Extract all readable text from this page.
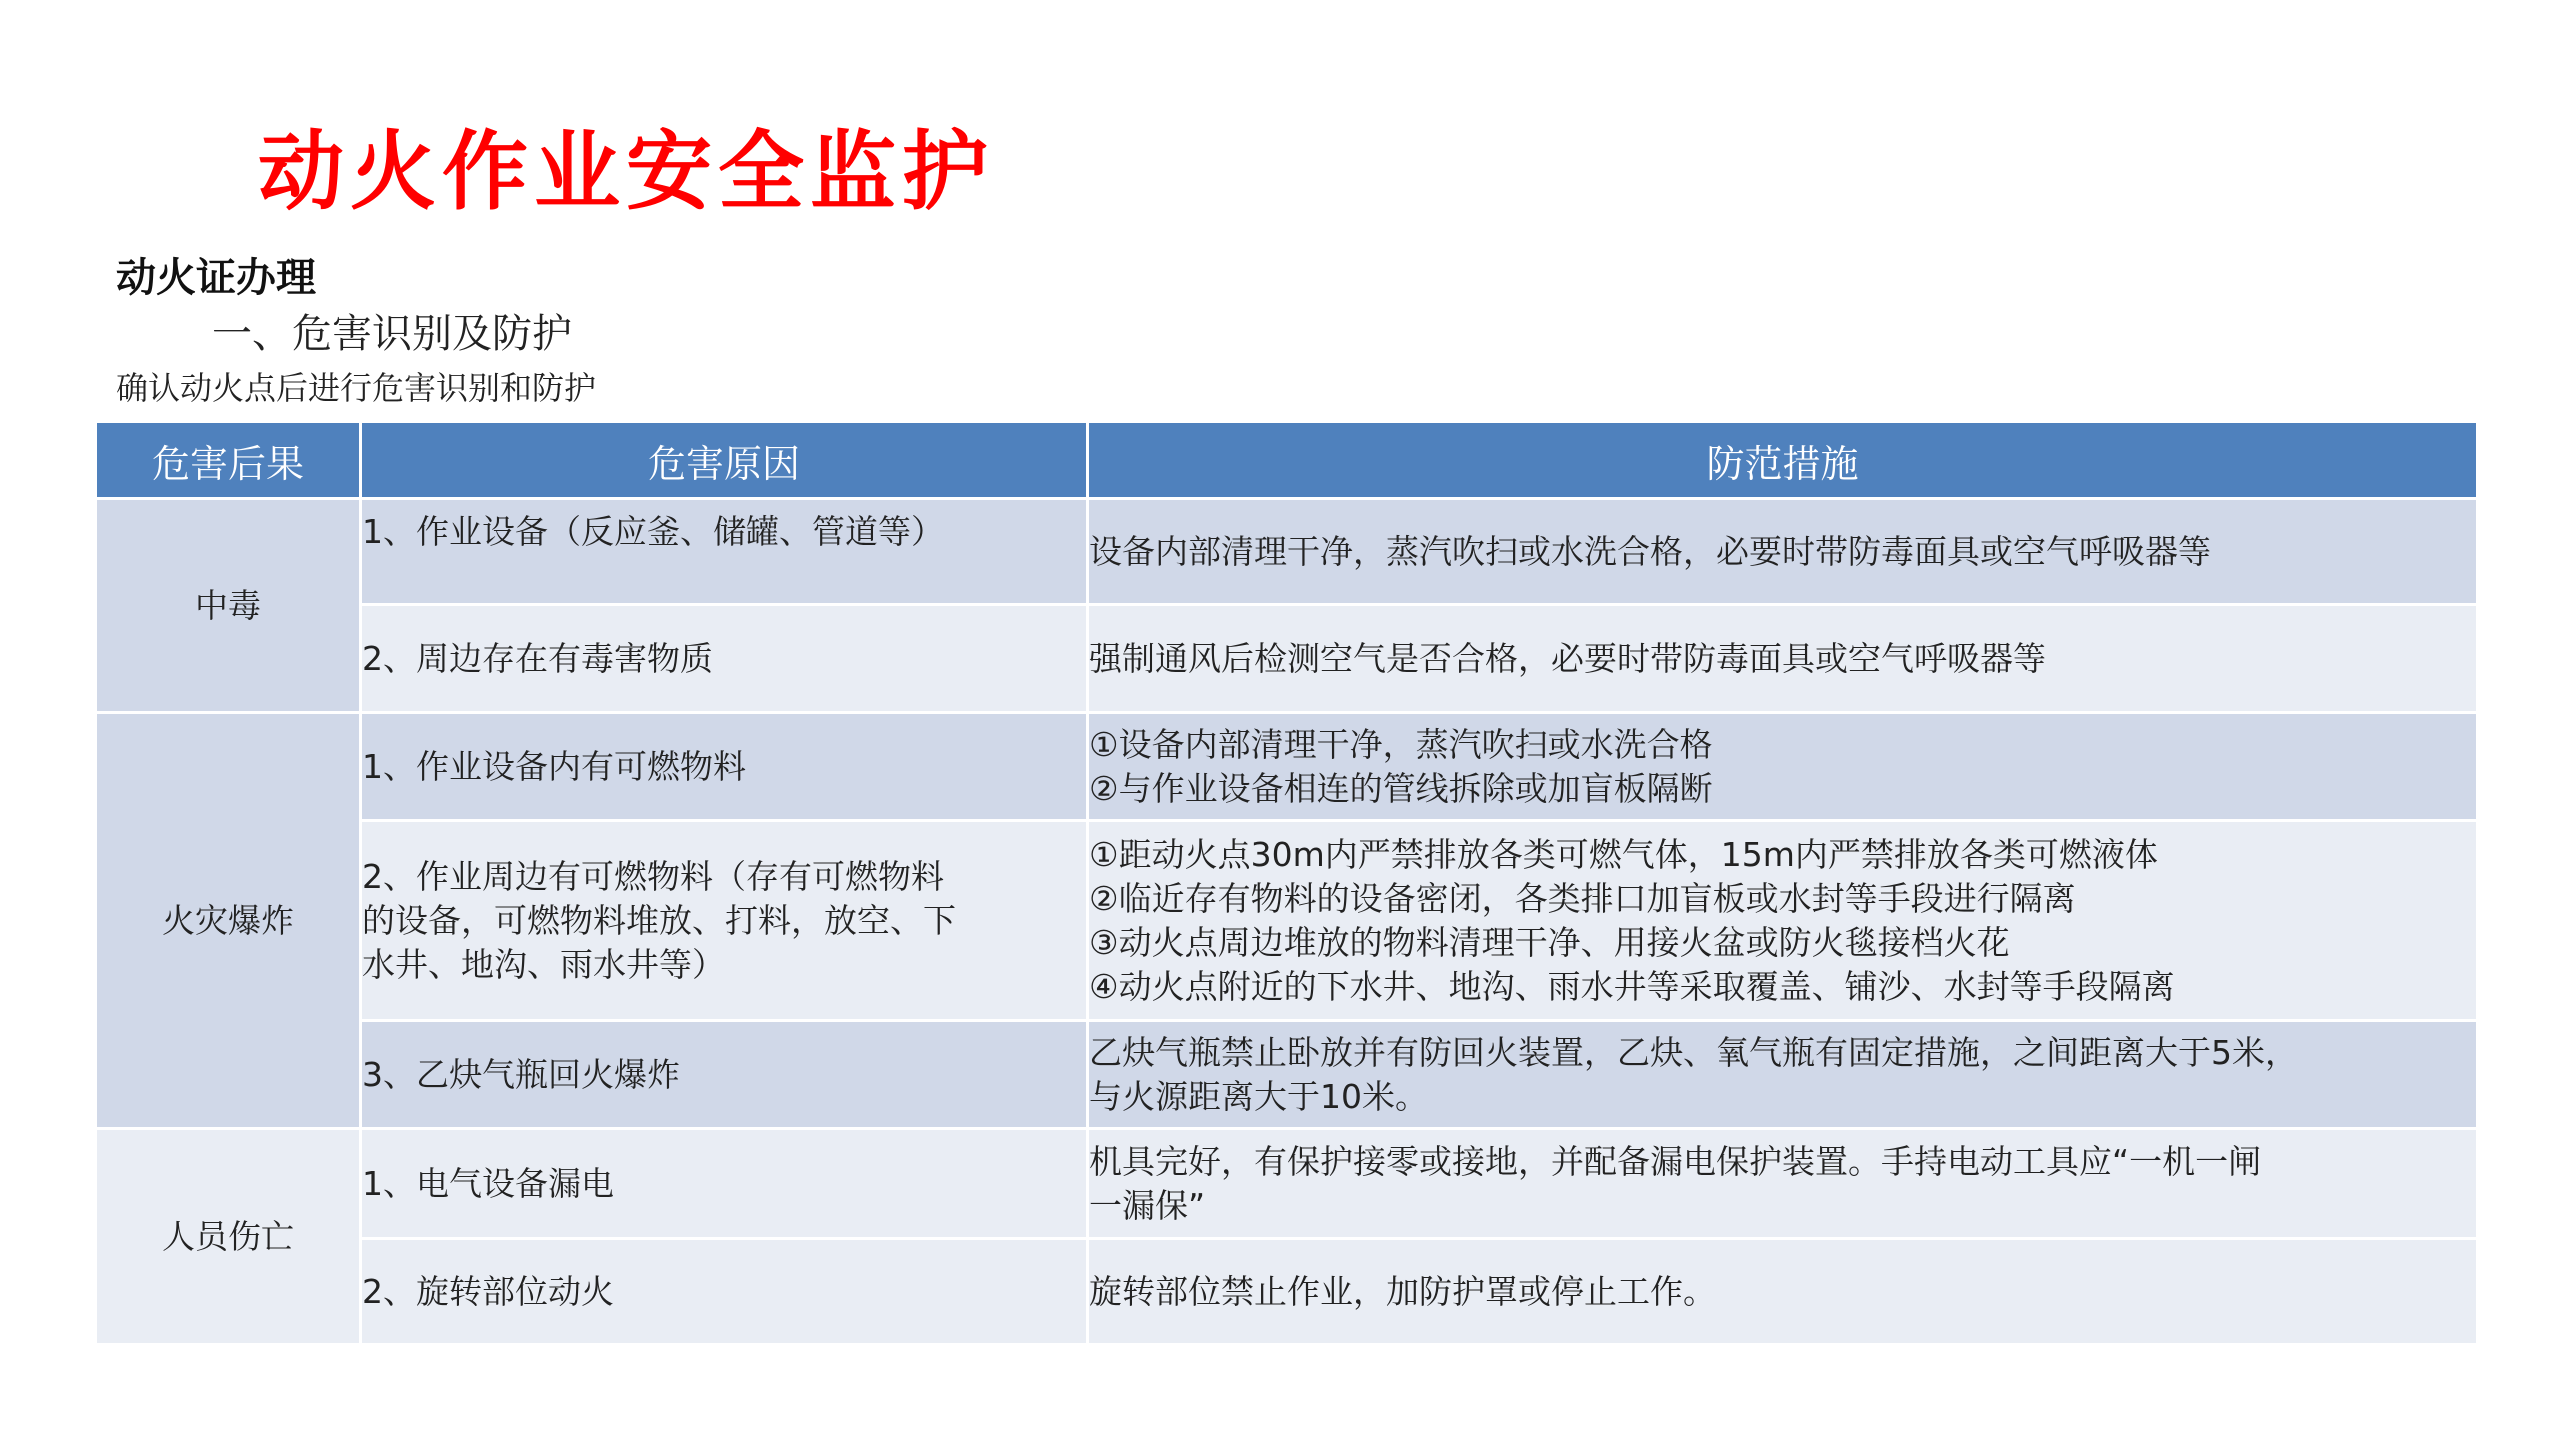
动火作业安全监护
动火证办理
一、危害识别及防护
确认动火点后进行危害识别和防护
危害后果	危害原因	防范措施
中毒	1、作业设备（反应釜、储罐、管道等）	设备内部清理干净，蒸汽吹扫或水洗合格，必要时带防毒面具或空气呼吸器等

	2、周边存在有毒害物质	强制通风后检测空气是否合格，必要时带防毒面具或空气呼吸器等

火灾爆炸	1、作业设备内有可燃物料	①设备内部清理干净，蒸汽吹扫或水洗合格
②与作业设备相连的管线拆除或加盲板隔断

	2、作业周边有可燃物料（存有可燃物料
的设备，可燃物料堆放、打料，放空、下
水井、地沟、雨水井等）	①距动火点30m内严禁排放各类可燃气体，15m内严禁排放各类可燃液体
②临近存有物料的设备密闭，各类排口加盲板或水封等手段进行隔离
③动火点周边堆放的物料清理干净、用接火盆或防火毯接档火花
④动火点附近的下水井、地沟、雨水井等采取覆盖、铺沙、水封等手段隔离

	3、乙炔气瓶回火爆炸	乙炔气瓶禁止卧放并有防回火装置，乙炔、氧气瓶有固定措施，之间距离大于5米，
与火源距离大于10米。

人员伤亡	1、电气设备漏电	机具完好，有保护接零或接地，并配备漏电保护装置。手持电动工具应“一机一闸
一漏保”

	2、旋转部位动火	旋转部位禁止作业，加防护罩或停止工作。
